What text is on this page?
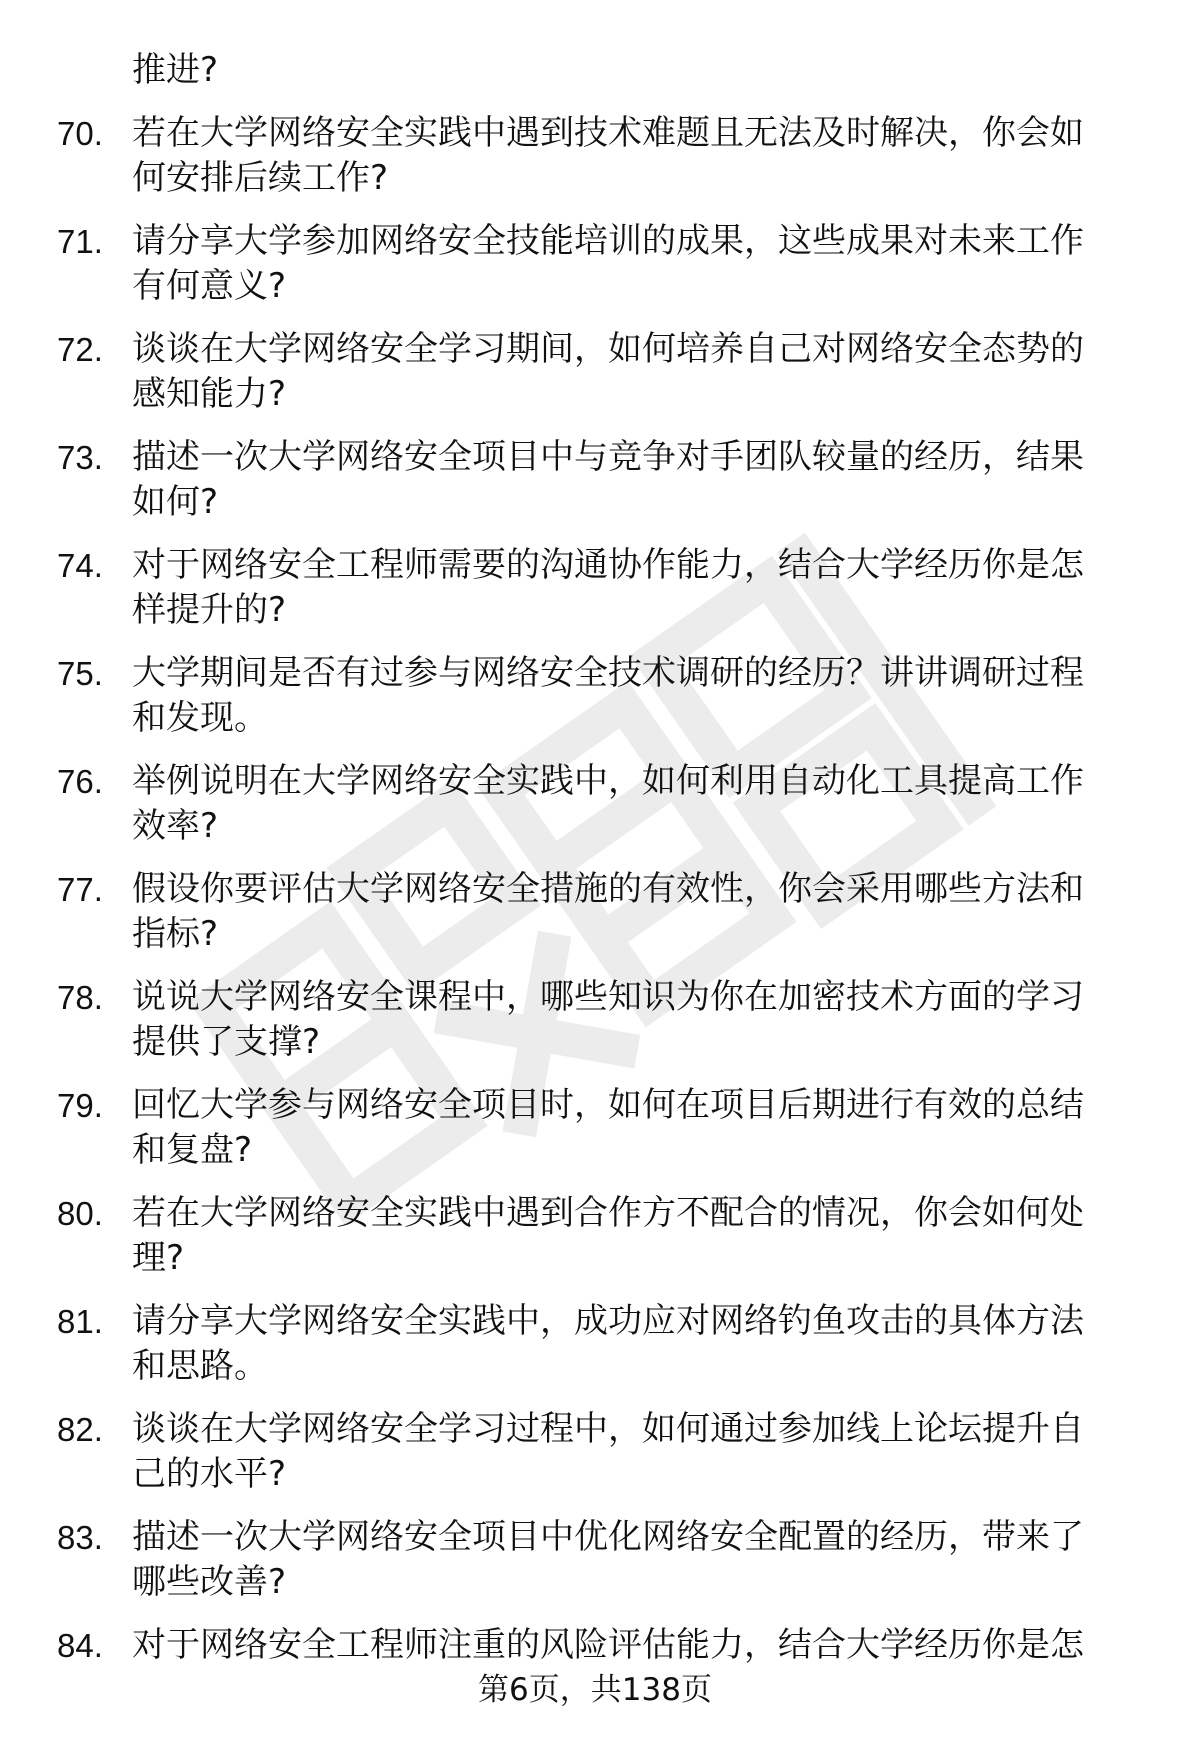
推进?
70. 若在大学网络安全实践中遇到技术难题且无法及时解决，你会如
何安排后续工作?
71. 请分享大学参加网络安全技能培训的成果，这些成果对未来工作
有何意义?
72. 谈谈在大学网络安全学习期间，如何培养自己对网络安全态势的
感知能力?
73. 描述一次大学网络安全项目中与竞争对手团队较量的经历，结果
如何?
74. 对于网络安全工程师需要的沟通协作能力，结合大学经历你是怎
样提升的?
75. 大学期间是否有过参与网络安全技术调研的经历？讲讲调研过程
和发现。
76. 举例说明在大学网络安全实践中，如何利用自动化工具提高工作
效率?
77. 假设你要评估大学网络安全措施的有效性，你会采用哪些方法和
指标?
78. 说说大学网络安全课程中，哪些知识为你在加密技术方面的学习
提供了支撑?
79. 回忆大学参与网络安全项目时，如何在项目后期进行有效的总结
和复盘?
80. 若在大学网络安全实践中遇到合作方不配合的情况，你会如何处
理?
81. 请分享大学网络安全实践中，成功应对网络钓鱼攻击的具体方法
和思路。
82. 谈谈在大学网络安全学习过程中，如何通过参加线上论坛提升自
己的水平?
83. 描述一次大学网络安全项目中优化网络安全配置的经历，带来了
哪些改善?
84. 对于网络安全工程师注重的风险评估能力，结合大学经历你是怎
第6页，共138页
